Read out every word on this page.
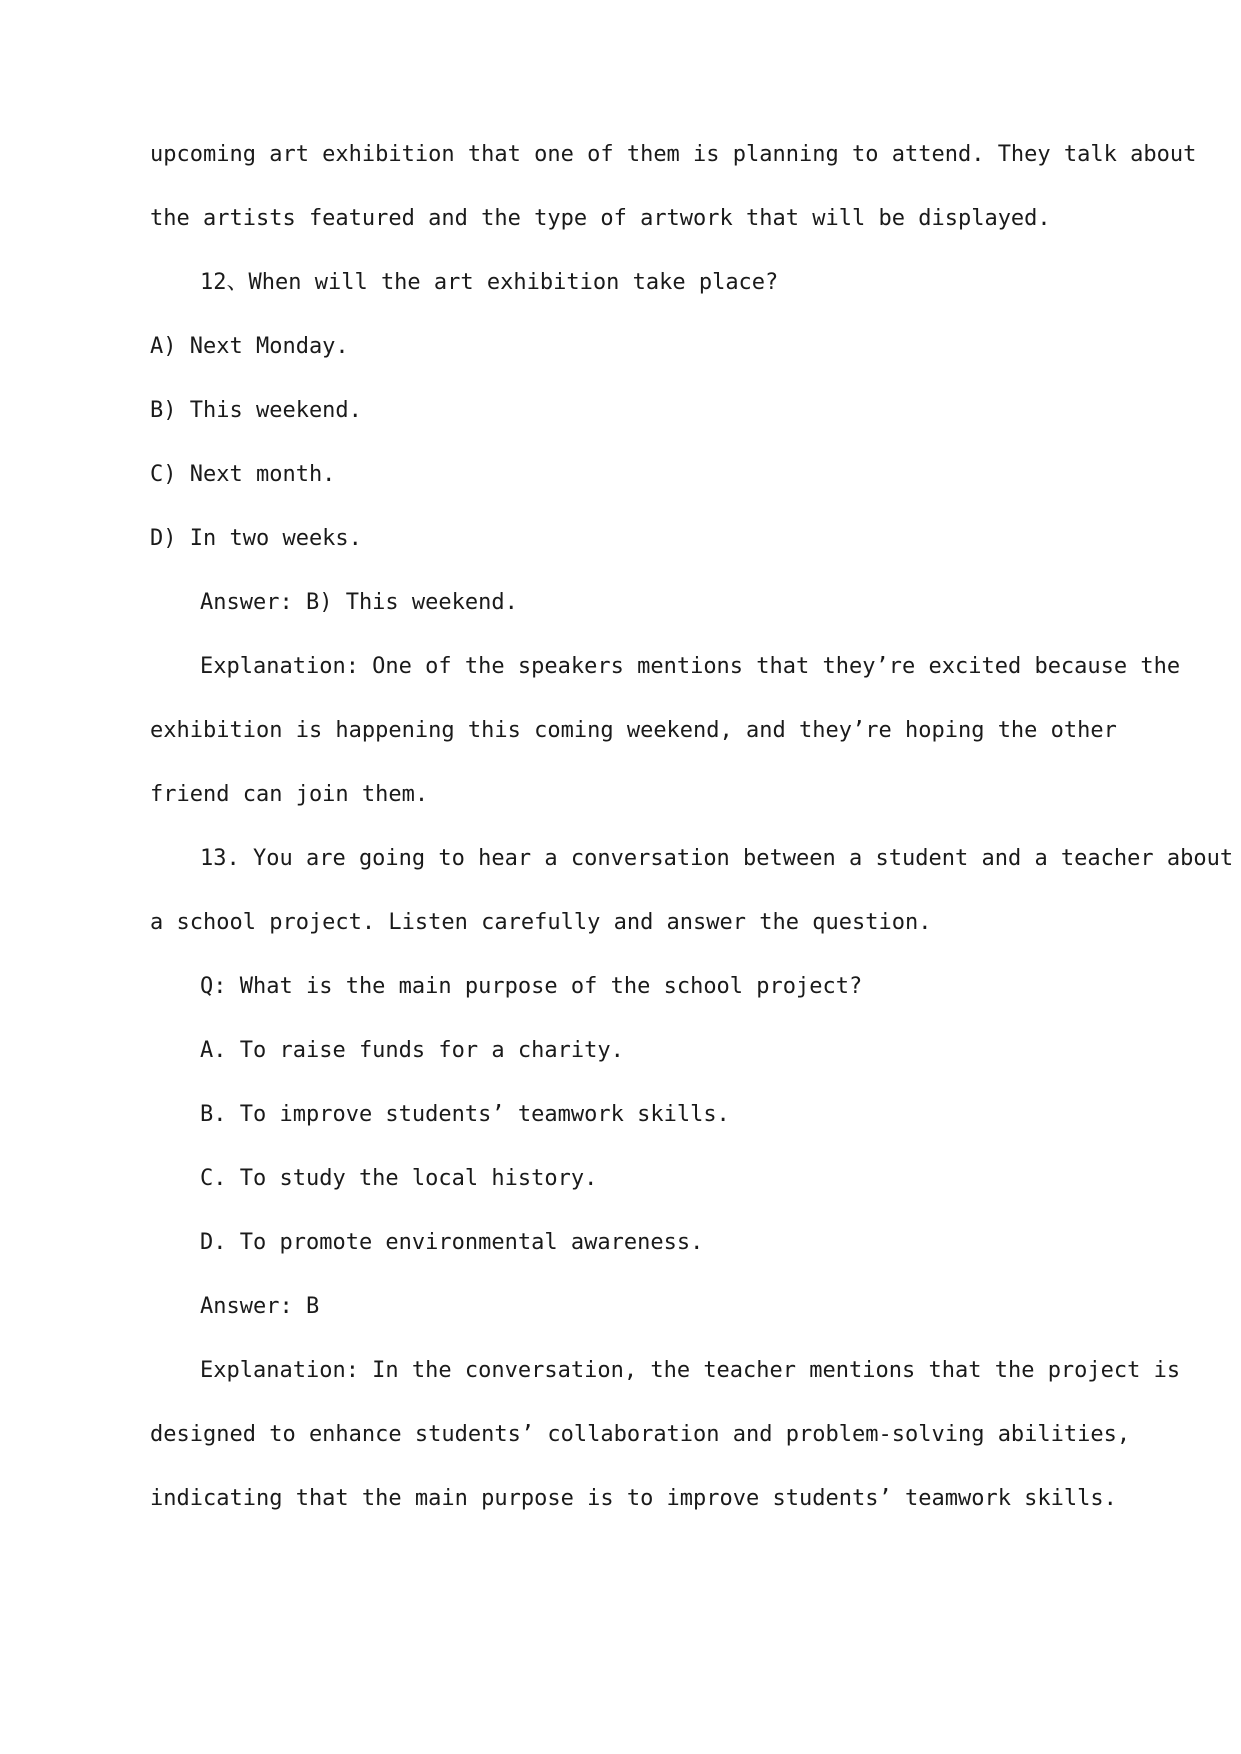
upcoming art exhibition that one of them is planning to attend. They talk about
the artists featured and the type of artwork that will be displayed.
12、When will the art exhibition take place?
A) Next Monday.
B) This weekend.
C) Next month.
D) In two weeks.
Answer: B) This weekend.
Explanation: One of the speakers mentions that they’re excited because the
exhibition is happening this coming weekend, and they’re hoping the other
friend can join them.
13. You are going to hear a conversation between a student and a teacher about
a school project. Listen carefully and answer the question.
Q: What is the main purpose of the school project?
A. To raise funds for a charity.
B. To improve students’ teamwork skills.
C. To study the local history.
D. To promote environmental awareness.
Answer: B
Explanation: In the conversation, the teacher mentions that the project is
designed to enhance students’ collaboration and problem-solving abilities,
indicating that the main purpose is to improve students’ teamwork skills.
